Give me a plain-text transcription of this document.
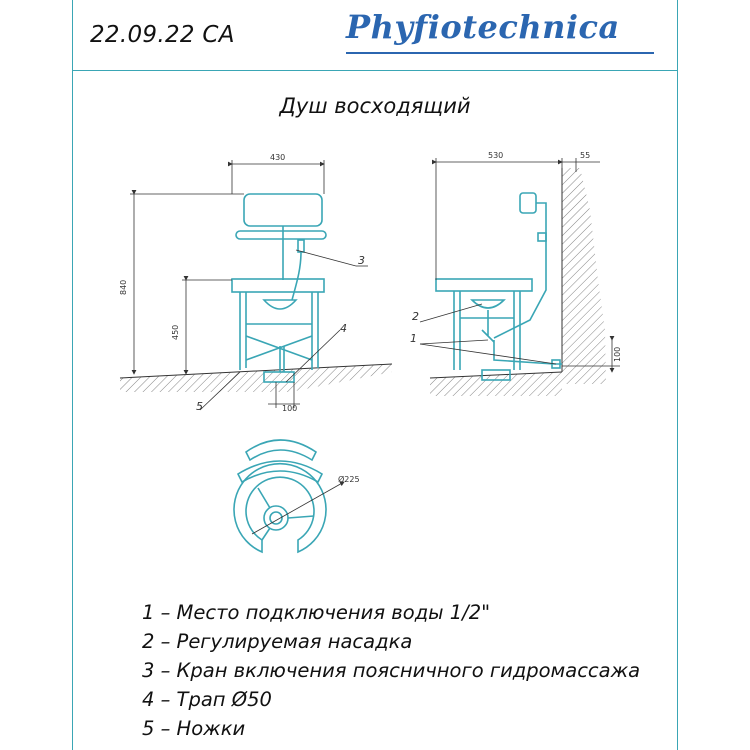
22.09.22 CA	Phyfiotechnica
Душ восходящий
430
840
450
100
3
4
5
530	55
100
2
1
Ø225
1 – Место подключения воды 1/2"
2 – Регулируемая насадка
3 – Кран включения поясничного гидромассажа
4 – Трап Ø50
5 – Ножки
